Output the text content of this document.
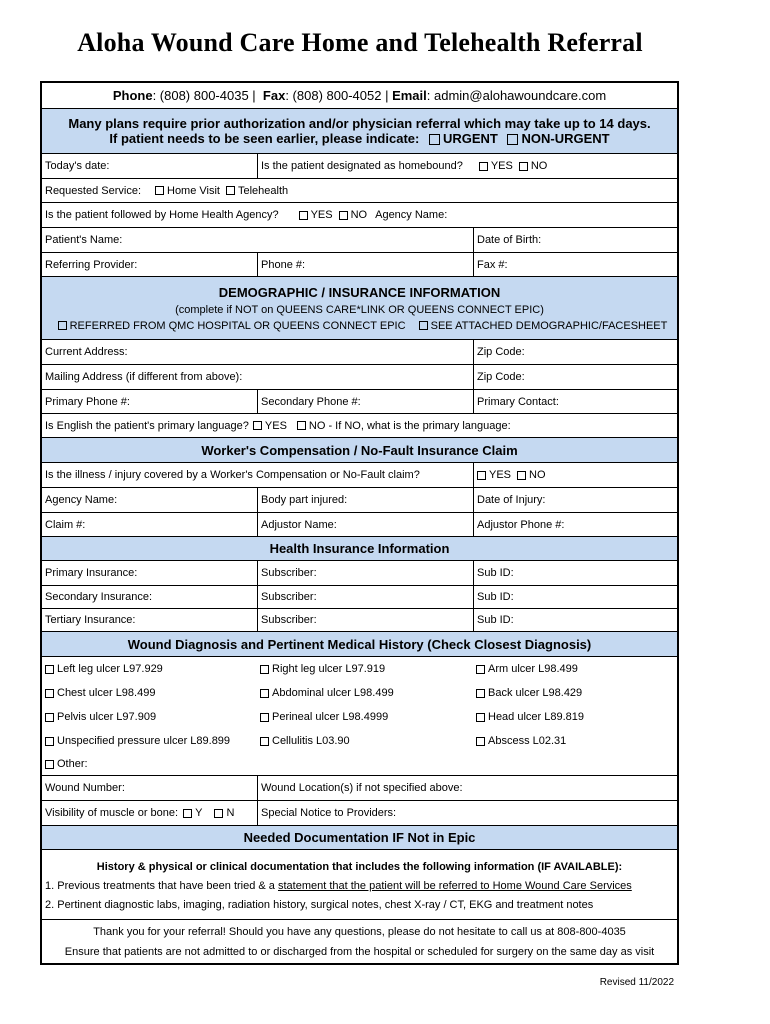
Aloha Wound Care Home and Telehealth Referral
Phone : (808) 800-4035 |
Fax : (808) 800-4052 |
Email : admin@alohawoundcare.com
Many plans require prior authorization and/or physician referral which may take up to 14 days.
If patient needs to be seen earlier, please indicate: URGENT NON-URGENT
Today's date:	Is the patient designated as homebound?	YES NO
Requested Service: Home Visit Telehealth
Is the patient followed by Home Health Agency?	YES NO Agency Name:
Patient's Name:	Date of Birth:
Referring Provider:	Phone #:	Fax #:
DEMOGRAPHIC / INSURANCE INFORMATION
(complete if NOT on QUEENS CARE*LINK OR QUEENS CONNECT EPIC)
REFERRED FROM QMC HOSPITAL OR QUEENS CONNECT EPIC SEE ATTACHED DEMOGRAPHIC/FACESHEET
Current Address:	Zip Code:
Mailing Address (if different from above):	Zip Code:
Primary Phone #:	Secondary Phone #:	Primary Contact:
Is English the patient's primary language? YES NO - If NO, what is the primary language:
Worker's Compensation / No-Fault Insurance Claim
Is the illness / injury covered by a Worker's Compensation or No-Fault claim?	YES NO
Agency Name:	Body part injured:	Date of Injury:
Claim #:	Adjustor Name:	Adjustor Phone #:
Health Insurance Information
Primary Insurance:	Subscriber:	Sub ID:
Secondary Insurance:	Subscriber:	Sub ID:
Tertiary Insurance:	Subscriber:	Sub ID:
Wound Diagnosis and Pertinent Medical History (Check Closest Diagnosis)
Left leg ulcer L97.929	Right leg ulcer L97.919	Arm ulcer L98.499
Chest ulcer L98.499	Abdominal ulcer L98.499	Back ulcer L98.429
Pelvis ulcer L97.909	Perineal ulcer L98.4999	Head ulcer L89.819
Unspecified pressure ulcer L89.899	Cellulitis L03.90	Abscess L02.31
Other:
Wound Number:	Wound Location(s) if not specified above:
Visibility of muscle or bone: Y N	Special Notice to Providers:
Needed Documentation IF Not in Epic
History & physical or clinical documentation that includes the following information (IF AVAILABLE):
1. Previous treatments that have been tried & a statement that the patient will be referred to Home Wound Care Services
2. Pertinent diagnostic labs, imaging, radiation history, surgical notes, chest X-ray / CT, EKG and treatment notes
Thank you for your referral! Should you have any questions, please do not hesitate to call us at 808-800-4035
Ensure that patients are not admitted to or discharged from the hospital or scheduled for surgery on the same day as visit
Revised 11/2022
